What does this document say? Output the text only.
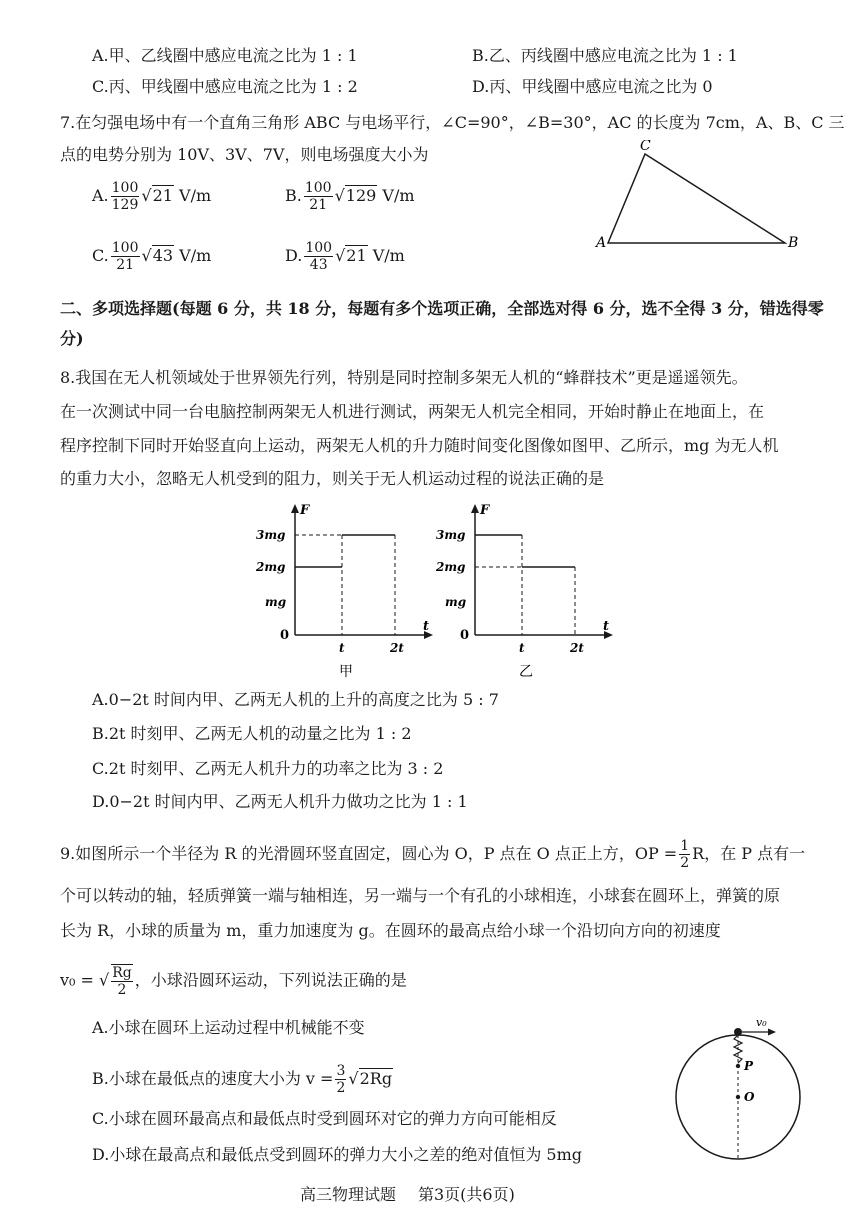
A.甲、乙线圈中感应电流之比为 1 : 1	B.乙、丙线圈中感应电流之比为 1 : 1
C.丙、甲线圈中感应电流之比为 1 : 2	D.丙、甲线圈中感应电流之比为 0
7.在匀强电场中有一个直角三角形 ABC 与电场平行，∠C=90°，∠B=30°，AC 的长度为 7cm，A、B、C 三
点的电势分别为 10V、3V、7V，则电场强度大小为
A. $\frac{100}{129} √21$ V/m	B. $\frac{100}{21} √129$ V/m
C. $\frac{100}{21} √43$ V/m	D. $\frac{100}{43} √21$ V/m
A
C
B
二、多项选择题(每题 6 分，共 18 分，每题有多个选项正确，全部选对得 6 分，选不全得 3 分，错选得零
分)
8.我国在无人机领域处于世界领先行列，特别是同时控制多架无人机的“蜂群技术”更是遥遥领先。
在一次测试中同一台电脑控制两架无人机进行测试，两架无人机完全相同，开始时静止在地面上，在
程序控制下同时开始竖直向上运动，两架无人机的升力随时间变化图像如图甲、乙所示，mg 为无人机
的重力大小，忽略无人机受到的阻力，则关于无人机运动过程的说法正确的是
F
t
0
3mg
2mg
mg
t	2t
甲
F
t
0
3mg
2mg
mg
t	2t
乙
A.0−2t 时间内甲、乙两无人机的上升的高度之比为 5 : 7
B.2t 时刻甲、乙两无人机的动量之比为 1 : 2
C.2t 时刻甲、乙两无人机升力的功率之比为 3 : 2
D.0−2t 时间内甲、乙两无人机升力做功之比为 1 : 1
9.如图所示一个半径为 R 的光滑圆环竖直固定，圆心为 O，P 点在 O 点正上方，OP = $\frac{1}{2}$ R，在 P 点有一
个可以转动的轴，轻质弹簧一端与轴相连，另一端与一个有孔的小球相连，小球套在圆环上，弹簧的原
长为 R，小球的质量为 m，重力加速度为 g。在圆环的最高点给小球一个沿切向方向的初速度
v₀ = √ $\frac{Rg}{2}$ ，小球沿圆环运动，下列说法正确的是
A.小球在圆环上运动过程中机械能不变
B.小球在最低点的速度大小为 $v = \frac{3}{2} √2Rg$
C.小球在圆环最高点和最低点时受到圆环对它的弹力方向可能相反
D.小球在最高点和最低点受到圆环的弹力大小之差的绝对值恒为 5mg
v₀
P
O
高三物理试题 第3页(共6页)
